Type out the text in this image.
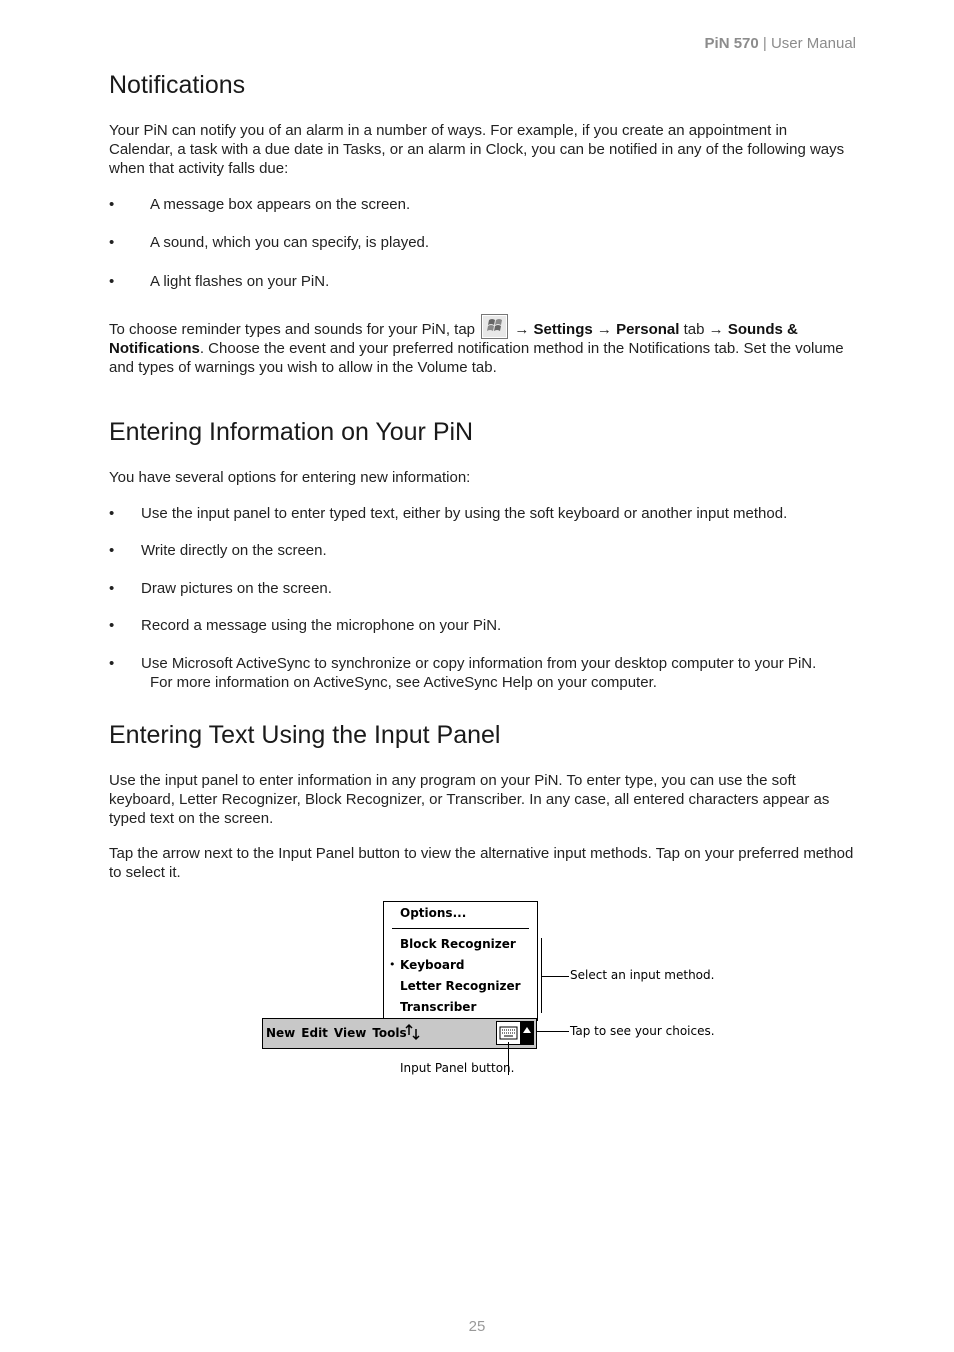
PiN 570 | User Manual
Notifications

Your PiN can notify you of an alarm in a number of ways. For example, if you create an appointment in Calendar, a task with a due date in Tasks, or an alarm in Clock, you can be notified in any of the following ways when that activity falls due:

• A message box appears on the screen.
• A sound, which you can specify, is played.
• A light flashes on your PiN.

To choose reminder types and sounds for your PiN, tap	→ Settings → Personal tab → Sounds & Notifications. Choose the event and your preferred notification method in the Notifications tab. Set the volume and types of warnings you wish to allow in the Volume tab.

Entering Information on Your PiN

You have several options for entering new information:

• Use the input panel to enter typed text, either by using the soft keyboard or another input method.
• Write directly on the screen.
• Draw pictures on the screen.
• Record a message using the microphone on your PiN.
• Use Microsoft ActiveSync to synchronize or copy information from your desktop computer to your PiN.
For more information on ActiveSync, see ActiveSync Help on your computer.
Entering Text Using the Input Panel

Use the input panel to enter information in any program on your PiN. To enter type, you can use the soft keyboard, Letter Recognizer, Block Recognizer, or Transcriber. In any case, all entered characters appear as typed text on the screen.

Tap the arrow next to the Input Panel button to view the alternative input methods. Tap on your preferred method to select it.

Options...
Block Recognizer
• Keyboard
Letter Recognizer
Transcriber
New Edit View Tools
Select an input method.
Tap to see your choices.
Input Panel button.
25
